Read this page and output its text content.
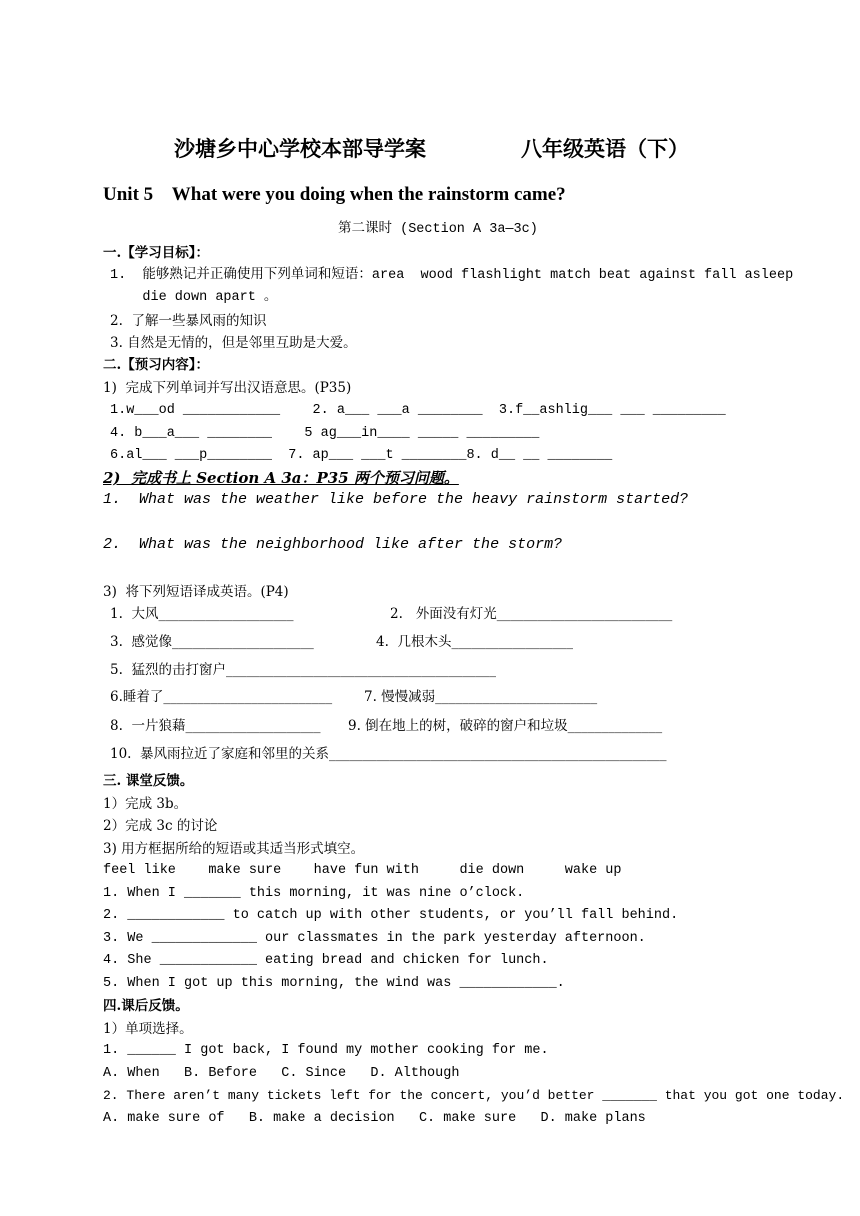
沙塘乡中心学校本部导学案	八年级英语（下）
Unit 5    What were you doing when the rainstorm came?
第二课时 (Section A 3a—3c)
一.【学习目标】：
1.  能够熟记并正确使用下列单词和短语：area  wood flashlight match beat against fall asleep
die down apart 。
2.  了解一些暴风雨的知识
3. 自然是无情的，但是邻里互助是大爱。
二.【预习内容】：
1)  完成下列单词并写出汉语意思。(P35)
1.w___od ____________    2. a___ ___a ________  3.f__ashlig___ ___ _________
4. b___a___ ________    5 ag___in____ _____ _________
6.al___ ___p________  7. ap___ ___t ________8. d__ __ ________
2)  完成书上 Section A 3a：P35 两个预习问题。
1.  What was the weather like before the heavy rainstorm started?
2.  What was the neighborhood like after the storm?
3)  将下列短语译成英语。(P4)
1.  大风____________________	2.   外面没有灯光__________________________
3.  感觉像_____________________	4.  几根木头__________________
5.  猛烈的击打窗户________________________________________
6.睡着了_________________________ 7. 慢慢减弱________________________
8.  一片狼藉____________________ 9. 倒在地上的树，破碎的窗户和垃圾______________
10.  暴风雨拉近了家庭和邻里的关系__________________________________________________
三. 课堂反馈。
1）完成 3b。
2）完成 3c 的讨论
3) 用方框据所给的短语或其适当形式填空。
feel like    make sure    have fun with     die down     wake up
1. When I _______ this morning, it was nine o’clock.
2. ____________ to catch up with other students, or you’ll fall behind.
3. We _____________ our classmates in the park yesterday afternoon.
4. She ____________ eating bread and chicken for lunch.
5. When I got up this morning, the wind was ____________.
四.课后反馈。
1）单项选择。
1. ______ I got back, I found my mother cooking for me.
A. When   B. Before   C. Since   D. Although
2. There aren’t many tickets left for the concert, you’d better _______ that you got one today.
A. make sure of   B. make a decision   C. make sure   D. make plans
